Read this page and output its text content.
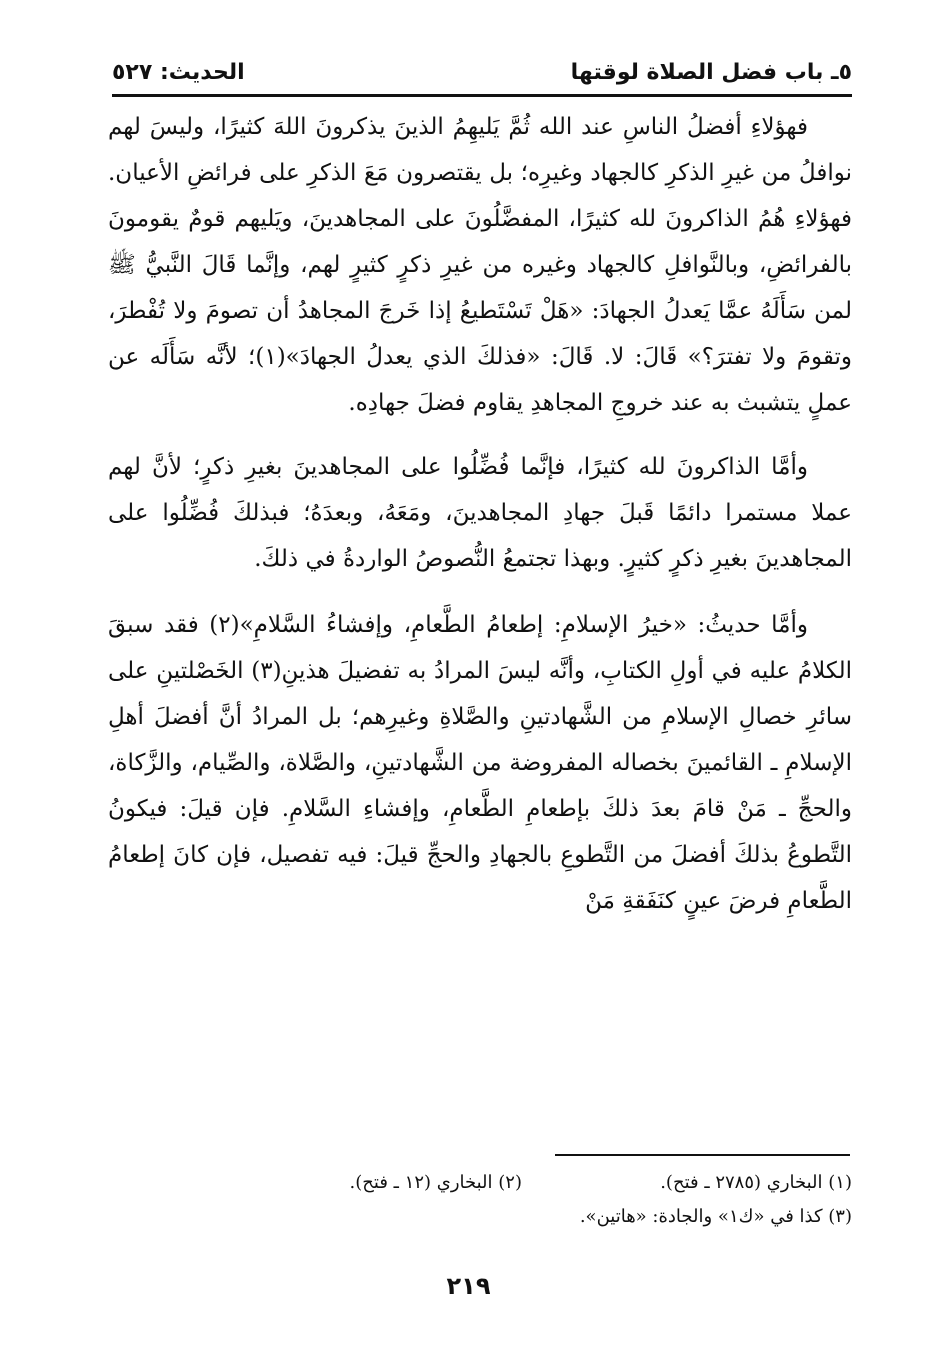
٥ـ باب فضل الصلاة لوقتها
الحديث: ٥٢٧

فهؤلاءِ أفضلُ الناسِ عند الله ثُمَّ يَليهِمُ الذينَ يذكرونَ اللهَ كثيرًا، وليسَ لهم نوافلُ من غيرِ الذكرِ كالجهاد وغيرِه؛ بل يقتصرون مَعَ الذكرِ على فرائضِ الأعيان. فهؤلاءِ هُمُ الذاكرونَ لله كثيرًا، المفضَّلُونَ على المجاهدينَ، ويَليهم قومٌ يقومونَ بالفرائضِ، وبالنَّوافلِ كالجهاد وغيره من غيرِ ذكرٍ كثيرٍ لهم، وإنَّما قَالَ النَّبيُّ ﷺ لمن سَأَلَهُ عمَّا يَعدلُ الجهادَ: «هَلْ تَسْتَطيعُ إذا خَرجَ المجاهدُ أن تصومَ ولا تُفْطرَ، وتقومَ ولا تفترَ؟» قَالَ: لا. قَالَ: «فذلكَ الذي يعدلُ الجهادَ»(١)؛ لأنَّه سَأَلَه عن عملٍ يتشبث به عند خروجِ المجاهدِ يقاوم فضلَ جهادِه.

وأمَّا الذاكرونَ لله كثيرًا، فإنَّما فُضِّلُوا على المجاهدينَ بغيرِ ذكرٍ؛ لأنَّ لهم عملا مستمرا دائمًا قَبلَ جهادِ المجاهدينَ، ومَعَهُ، وبعدَهُ؛ فبذلكَ فُضِّلُوا على المجاهدينَ بغيرِ ذكرٍ كثيرٍ. وبهذا تجتمعُ النُّصوصُ الواردةُ في ذلكَ.

وأمَّا حديثُ: «خيرُ الإسلامِ: إطعامُ الطَّعامِ، وإفشاءُ السَّلامِ»(٢) فقد سبقَ الكلامُ عليه في أولِ الكتابِ، وأنَّه ليسَ المرادُ به تفضيلَ هذينِ(٣) الخَصْلتينِ على سائرِ خصالِ الإسلامِ من الشَّهادتينِ والصَّلاةِ وغيرِهم؛ بل المرادُ أنَّ أفضلَ أهلِ الإسلامِ ـ القائمينَ بخصاله المفروضة من الشَّهادتينِ، والصَّلاة، والصِّيام، والزَّكاة، والحجِّ ـ مَنْ قامَ بعدَ ذلكَ بإطعامِ الطَّعامِ، وإفشاءِ السَّلامِ. فإن قيلَ: فيكونُ التَّطوعُ بذلكَ أفضلَ من التَّطوعِ بالجهادِ والحجِّ قيلَ: فيه تفصيل، فإن كانَ إطعامُ الطَّعامِ فرضَ عينٍ كنَفَقةِ مَنْ

(١) البخاري (٢٧٨٥ ـ فتح).
(٢) البخاري (١٢ ـ فتح).
(٣) كذا في «ك١» والجادة: «هاتين».
٢١٩
